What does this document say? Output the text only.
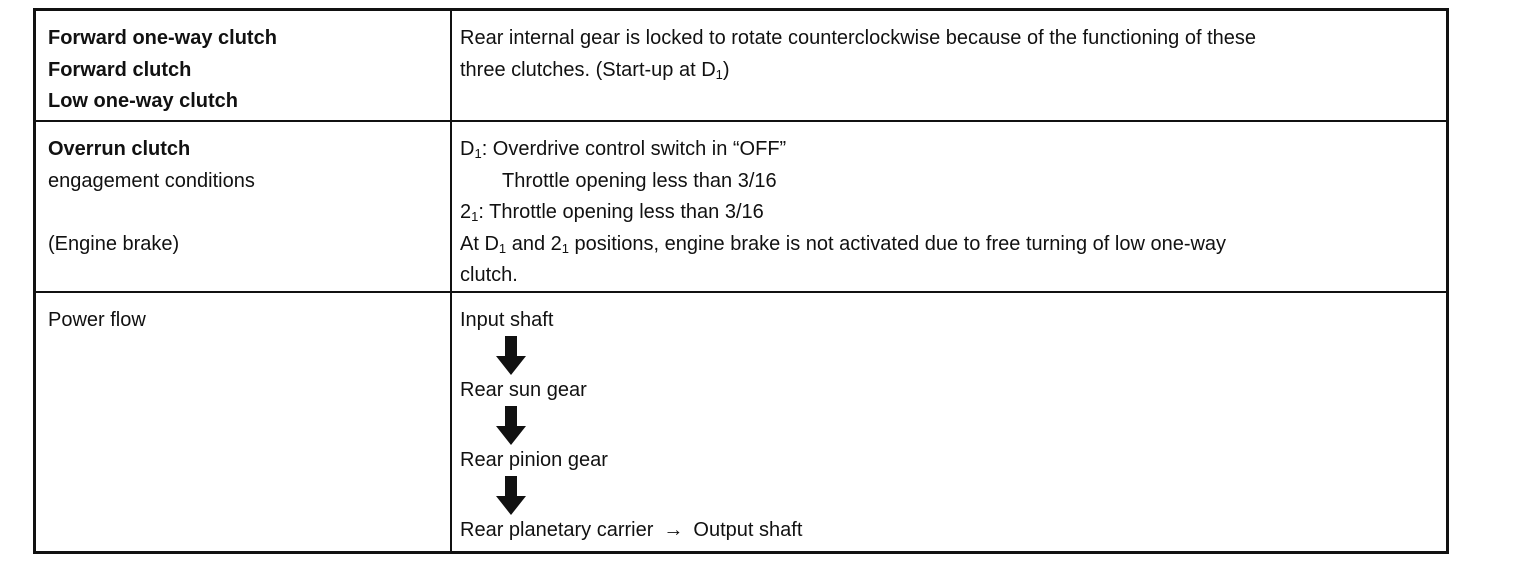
Forward one-way clutch
Forward clutch
Low one-way clutch
Rear internal gear is locked to rotate counterclockwise because of the functioning of these
three clutches. (Start-up at $D_1$)
Overrun clutch
engagement conditions

(Engine brake)
$D_1$: Overdrive control switch in “OFF”
Throttle opening less than 3/16
$2_1$: Throttle opening less than 3/16
At $D_1$ and $2_1$ positions, engine brake is not activated due to free turning of low one-way
clutch.
Power flow	Input shaft
Rear sun gear
Rear pinion gear
Rear planetary carrier → Output shaft
